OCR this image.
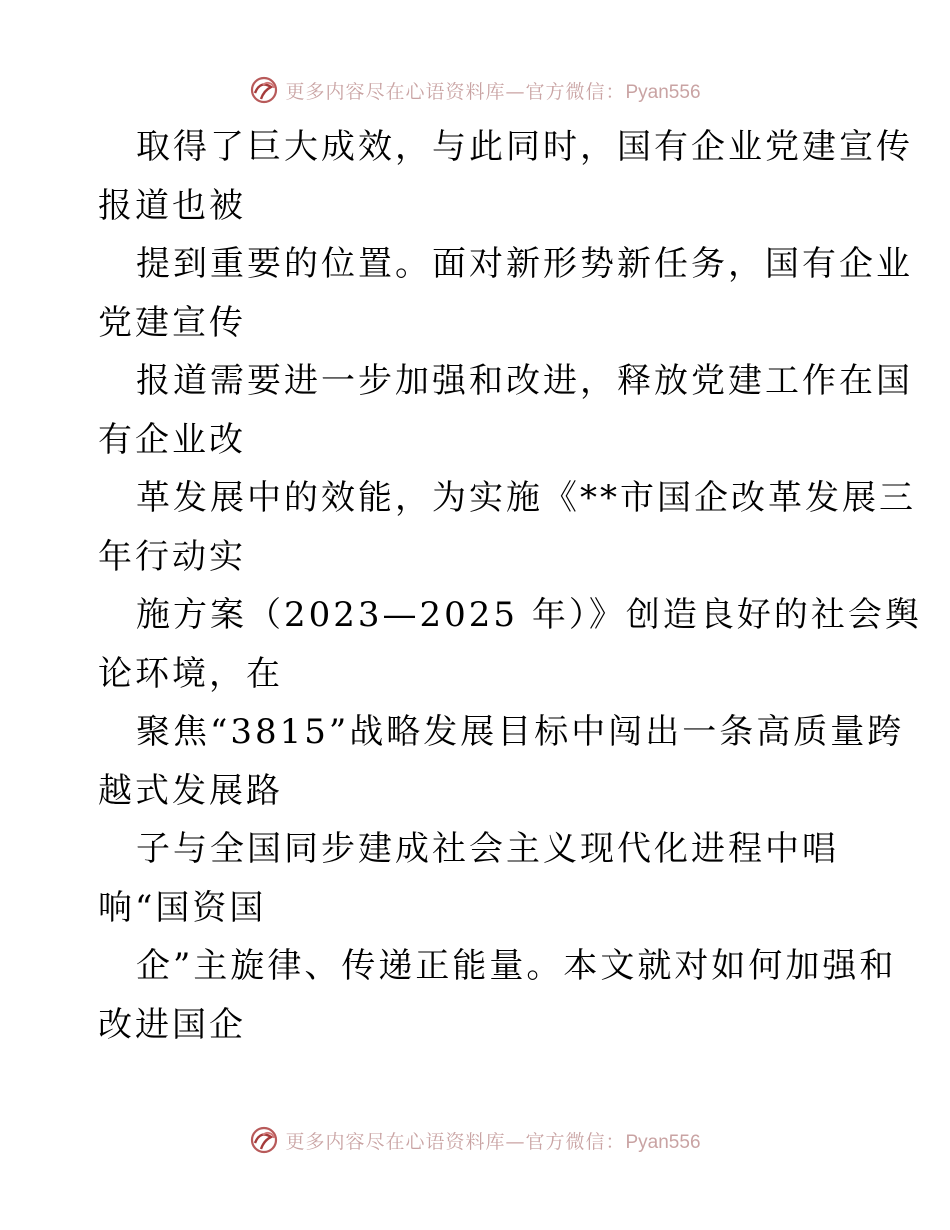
更多内容尽在心语资料库—官方微信：Pyan556
取得了巨大成效，与此同时，国有企业党建宣传
报道也被
提到重要的位置。面对新形势新任务，国有企业
党建宣传
报道需要进一步加强和改进，释放党建工作在国
有企业改
革发展中的效能，为实施《**市国企改革发展三
年行动实
施方案（2023—2025 年）》创造良好的社会舆
论环境，在
聚焦“3815”战略发展目标中闯出一条高质量跨
越式发展路
子与全国同步建成社会主义现代化进程中唱
响“国资国
企”主旋律、传递正能量。本文就对如何加强和
改进国企
更多内容尽在心语资料库—官方微信：Pyan556
